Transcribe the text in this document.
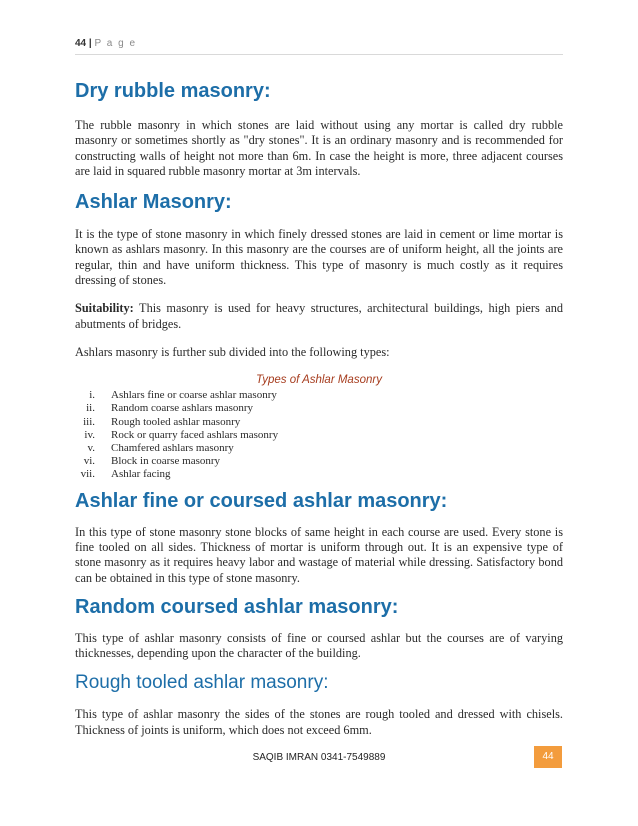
44 | P a g e
Dry rubble masonry:

The rubble masonry in which stones are laid without using any mortar is called dry rubble masonry or sometimes shortly as "dry stones". It is an ordinary masonry and is recommended for constructing walls of height not more than 6m. In case the height is more, three adjacent courses are laid in squared rubble masonry mortar at 3m intervals.

Ashlar Masonry:

It is the type of stone masonry in which finely dressed stones are laid in cement or lime mortar is known as ashlars masonry. In this masonry are the courses are of uniform height, all the joints are regular, thin and have uniform thickness. This type of masonry is much costly as it requires dressing of stones.

Suitability: This masonry is used for heavy structures, architectural buildings, high piers and abutments of bridges.

Ashlars masonry is further sub divided into the following types:

Types of Ashlar Masonry
i. Ashlars fine or coarse ashlar masonry
ii. Random coarse ashlars masonry
iii. Rough tooled ashlar masonry
iv. Rock or quarry faced ashlars masonry
v. Chamfered ashlars masonry
vi. Block in coarse masonry
vii. Ashlar facing
Ashlar fine or coursed ashlar masonry:

In this type of stone masonry stone blocks of same height in each course are used. Every stone is fine tooled on all sides. Thickness of mortar is uniform through out. It is an expensive type of stone masonry as it requires heavy labor and wastage of material while dressing. Satisfactory bond can be obtained in this type of stone masonry.

Random coursed ashlar masonry:

This type of ashlar masonry consists of fine or coursed ashlar but the courses are of varying thicknesses, depending upon the character of the building.

Rough tooled ashlar masonry:

This type of ashlar masonry the sides of the stones are rough tooled and dressed with chisels. Thickness of joints is uniform, which does not exceed 6mm.

SAQIB IMRAN 0341-7549889	44
